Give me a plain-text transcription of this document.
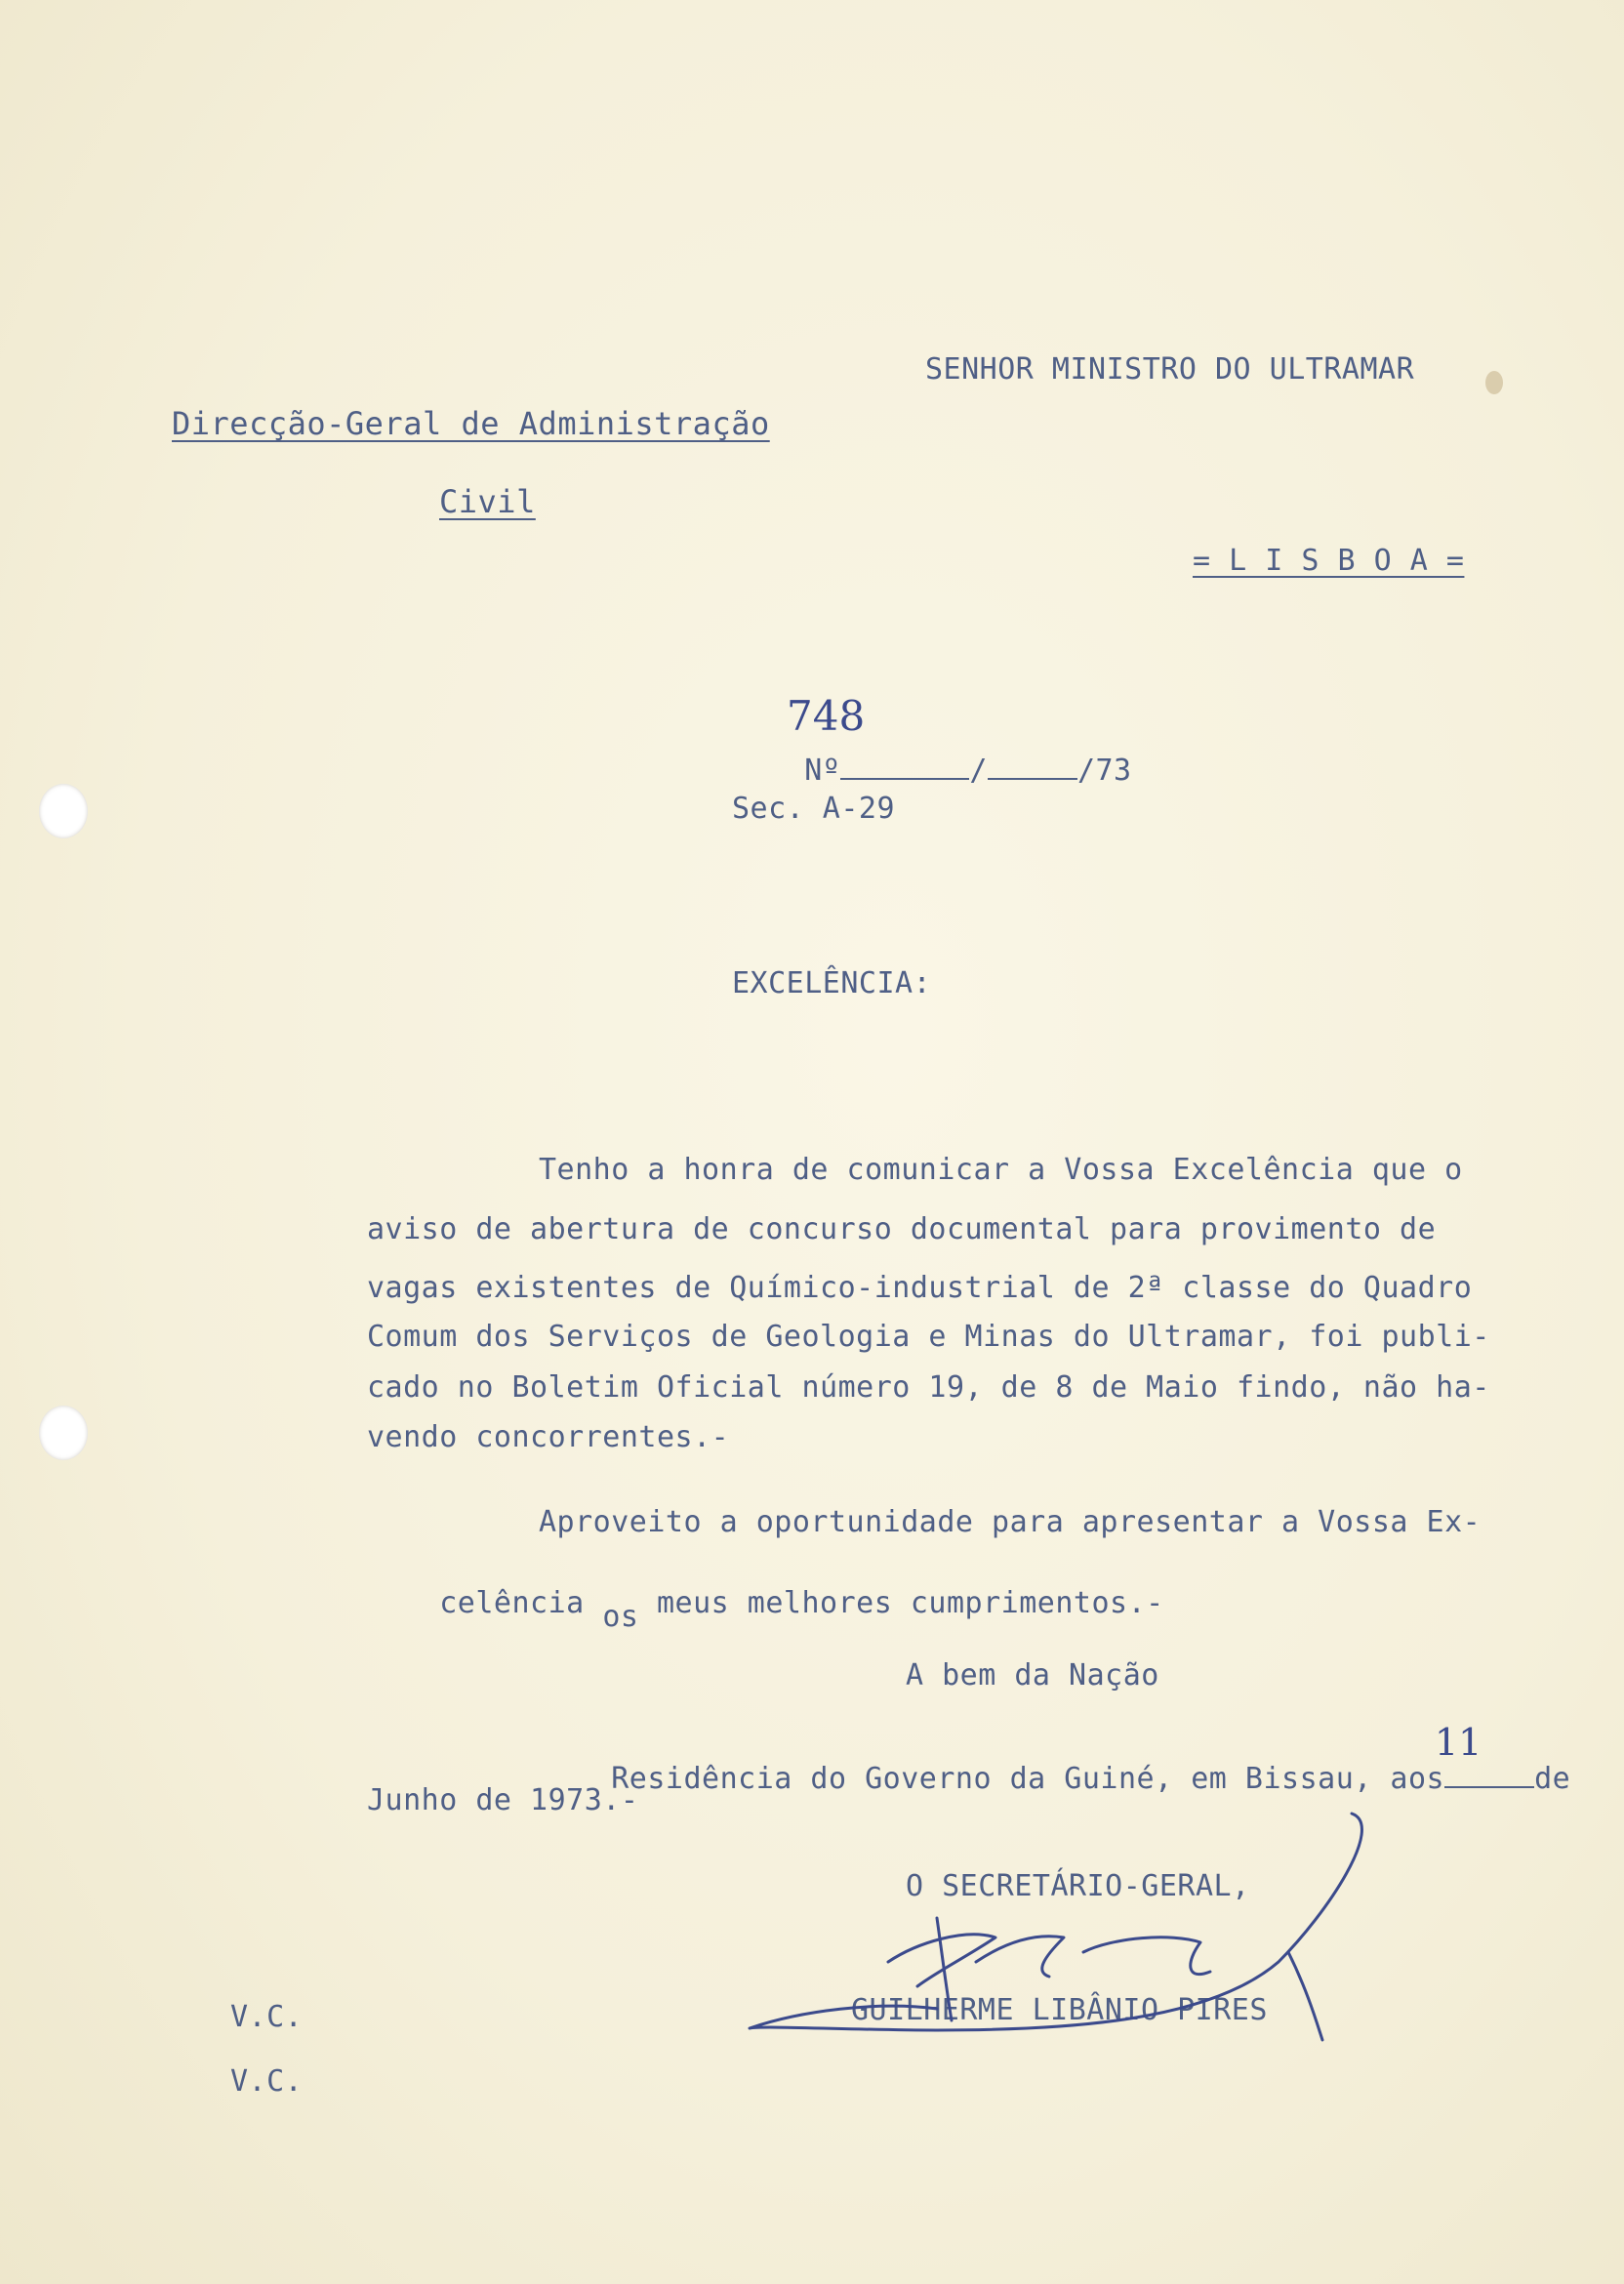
SENHOR MINISTRO DO ULTRAMAR
Direcção-Geral de Administração
Civil
= L I S B O A =

Nº	/	/73

748
Sec. A-29
EXCELÊNCIA:
Tenho a honra de comunicar a Vossa Excelência que o
aviso de abertura de concurso documental para provimento de
vagas existentes de Químico-industrial de 2ª classe do Quadro
Comum dos Serviços de Geologia e Minas do Ultramar, foi publi-
cado no Boletim Oficial número 19, de 8 de Maio findo, não ha-
vendo concorrentes.-
Aproveito a oportunidade para apresentar a Vossa Ex-

celência os meus melhores cumprimentos.-

A bem da Nação

Residência do Governo da Guiné, em Bissau, aos	de

11
Junho de 1973.-
O SECRETÁRIO-GERAL,
GUILHERME LIBÂNIO PIRES
V.C.
V.C.
